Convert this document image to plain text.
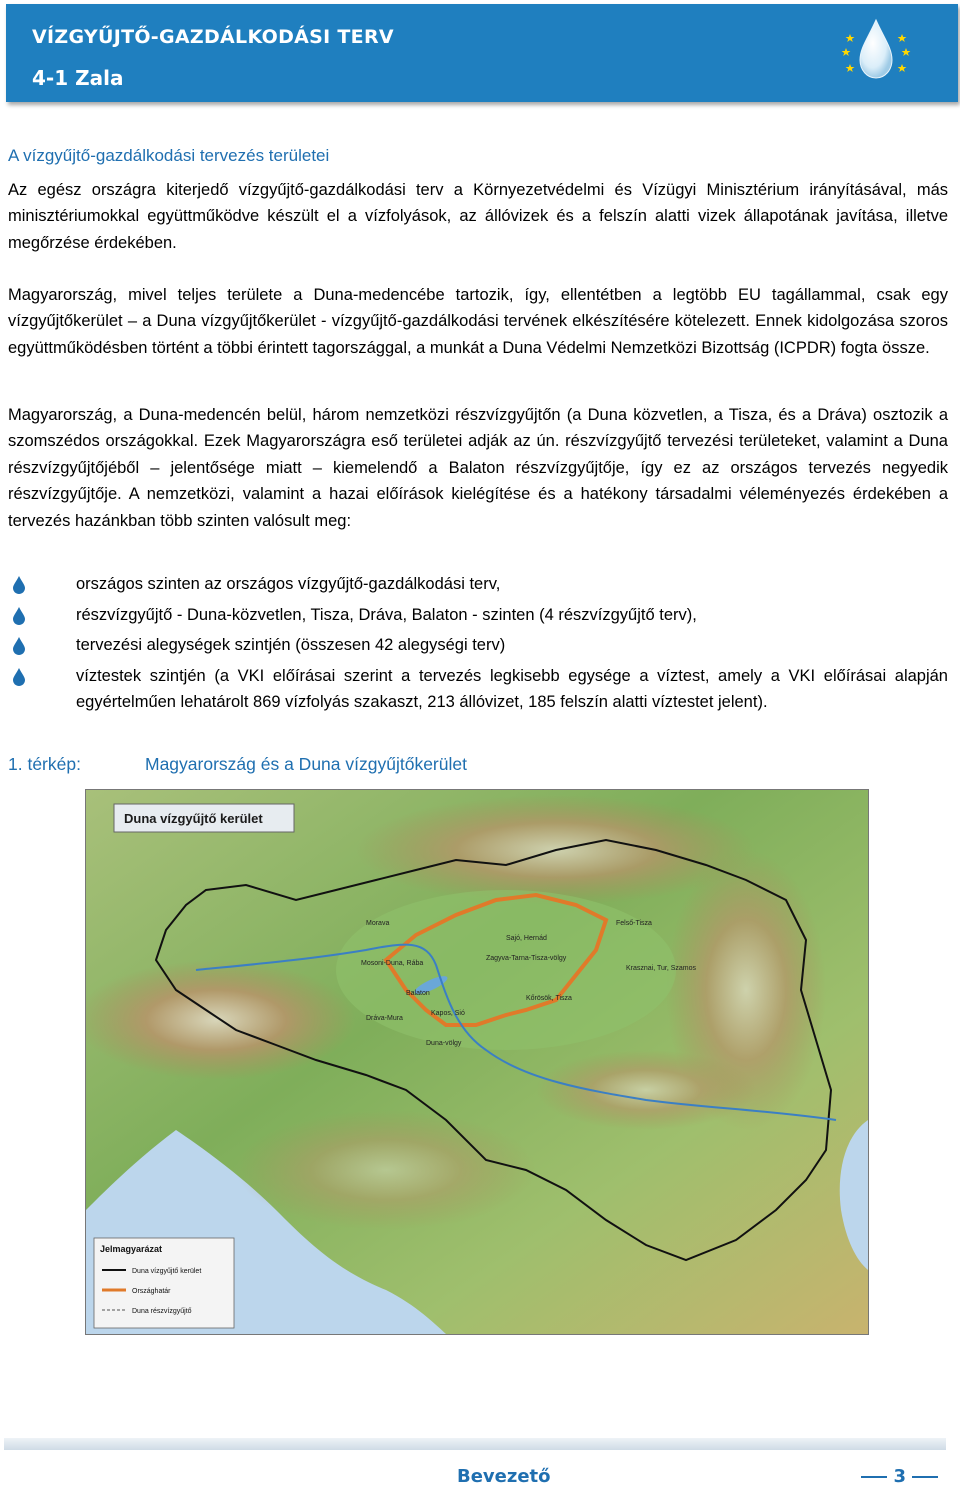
VÍZGYŰJTŐ-GAZDÁLKODÁSI TERV
4-1 Zala
A vízgyűjtő-gazdálkodási tervezés területei

Az egész országra kiterjedő vízgyűjtő-gazdálkodási terv a Környezetvédelmi és Vízügyi Minisztérium irányításával, más minisztériumokkal együttműködve készült el a vízfolyások, az állóvizek és a felszín alatti vizek állapotának javítása, illetve megőrzése érdekében.

Magyarország, mivel teljes területe a Duna-medencébe tartozik, így, ellentétben a legtöbb EU tagállammal, csak egy vízgyűjtőkerület – a Duna vízgyűjtőkerület - vízgyűjtő-gazdálkodási tervének elkészítésére kötelezett. Ennek kidolgozása szoros együttműködésben történt a többi érintett tagországgal, a munkát a Duna Védelmi Nemzetközi Bizottság (ICPDR) fogta össze.

Magyarország, a Duna-medencén belül, három nemzetközi részvízgyűjtőn (a Duna közvetlen, a Tisza, és a Dráva) osztozik a szomszédos országokkal. Ezek Magyarországra eső területei adják az ún. részvízgyűjtő tervezési területeket, valamint a Duna részvízgyűjtőjéből – jelentősége miatt – kiemelendő a Balaton részvízgyűjtője, így ez az országos tervezés negyedik részvízgyűjtője. A nemzetközi, valamint a hazai előírások kielégítése és a hatékony társadalmi véleményezés érdekében a tervezés hazánkban több szinten valósult meg:

országos szinten az országos vízgyűjtő-gazdálkodási terv,
részvízgyűjtő - Duna-közvetlen, Tisza, Dráva, Balaton - szinten (4 részvízgyűjtő terv),
tervezési alegységek szintjén (összesen 42 alegységi terv)
víztestek szintjén (a VKI előírásai szerint a tervezés legkisebb egysége a víztest, amely a VKI előírásai alapján egyértelműen lehatárolt 869 vízfolyás szakaszt, 213 állóvizet, 185 felszín alatti víztestet jelent).
1. térkép:	Magyarország és a Duna vízgyűjtőkerület
Duna vízgyűjtő kerület
Morava	Felső-Tisza
Sajó, Hernád
Zagyva-Tarna-Tisza-völgy
Kőrösök, Tisza
Krasznai, Tur, Szamos
Mosoni-Duna, Rába
Balaton
Kapos, Sió
Dráva-Mura
Duna-völgy
Jelmagyarázat
Duna vízgyűjtő kerület
Országhatár
Duna részvízgyűjtő
Bevezető	3
